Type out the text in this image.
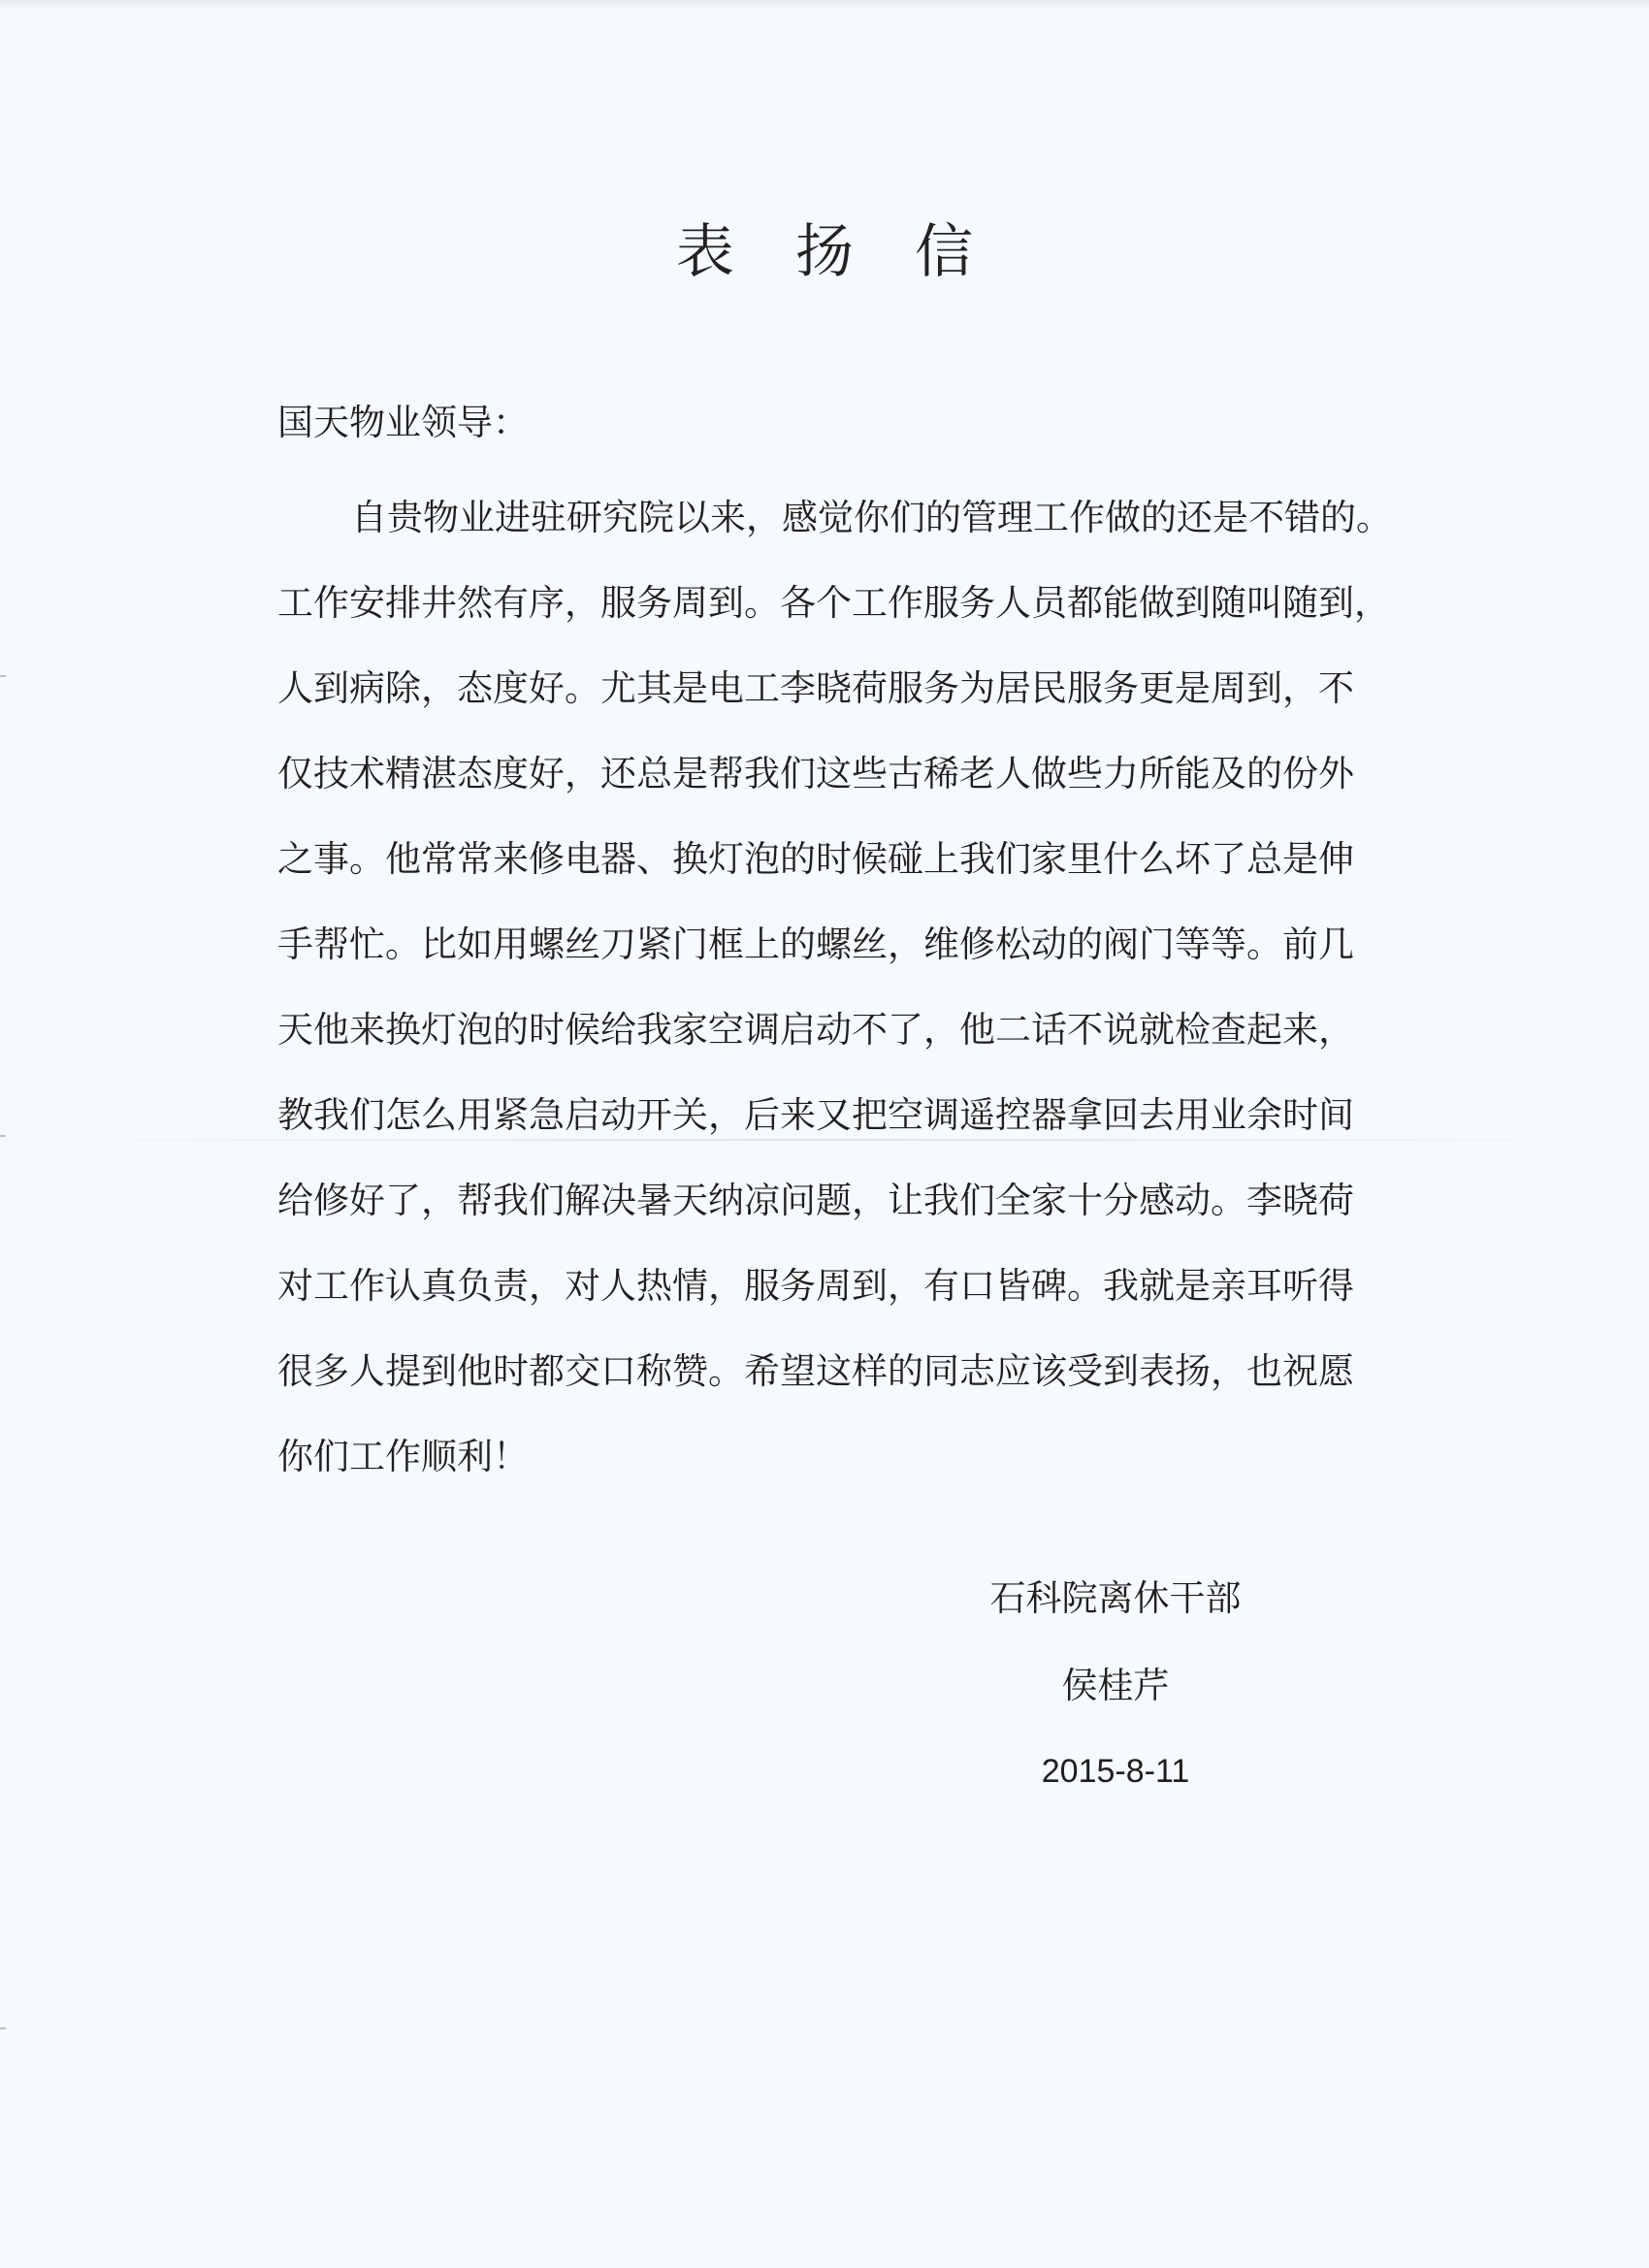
表 扬 信
国天物业领导：
自贵物业进驻研究院以来，感觉你们的管理工作做的还是不错的。
工作安排井然有序，服务周到。各个工作服务人员都能做到随叫随到，
人到病除，态度好。尤其是电工李晓荷服务为居民服务更是周到，不
仅技术精湛态度好，还总是帮我们这些古稀老人做些力所能及的份外
之事。他常常来修电器、换灯泡的时候碰上我们家里什么坏了总是伸
手帮忙。比如用螺丝刀紧门框上的螺丝，维修松动的阀门等等。前几
天他来换灯泡的时候给我家空调启动不了，他二话不说就检查起来，
教我们怎么用紧急启动开关，后来又把空调遥控器拿回去用业余时间
给修好了，帮我们解决暑天纳凉问题，让我们全家十分感动。李晓荷
对工作认真负责，对人热情，服务周到，有口皆碑。我就是亲耳听得
很多人提到他时都交口称赞。希望这样的同志应该受到表扬，也祝愿
你们工作顺利！
石科院离休干部
侯桂芹
2015-8-11
